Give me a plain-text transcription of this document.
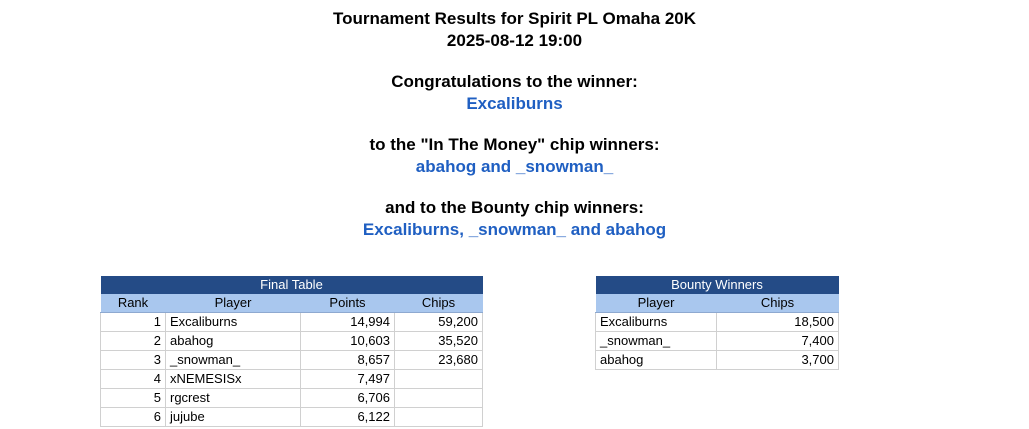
Tournament Results for Spirit PL Omaha 20K
2025-08-12 19:00
Congratulations to the winner:
Excaliburns
to the "In The Money" chip winners:
abahog and _snowman_
and to the Bounty chip winners:
Excaliburns, _snowman_ and abahog
Final Table			
Rank	Player	Points	Chips
1	Excaliburns	14,994	59,200
2	abahog	10,603	35,520
3	_snowman_	8,657	23,680
4	xNEMESISx	7,497	
5	rgcrest	6,706	
6	jujube	6,122	
Bounty Winners	
Player	Chips
Excaliburns	18,500
_snowman_	7,400
abahog	3,700
